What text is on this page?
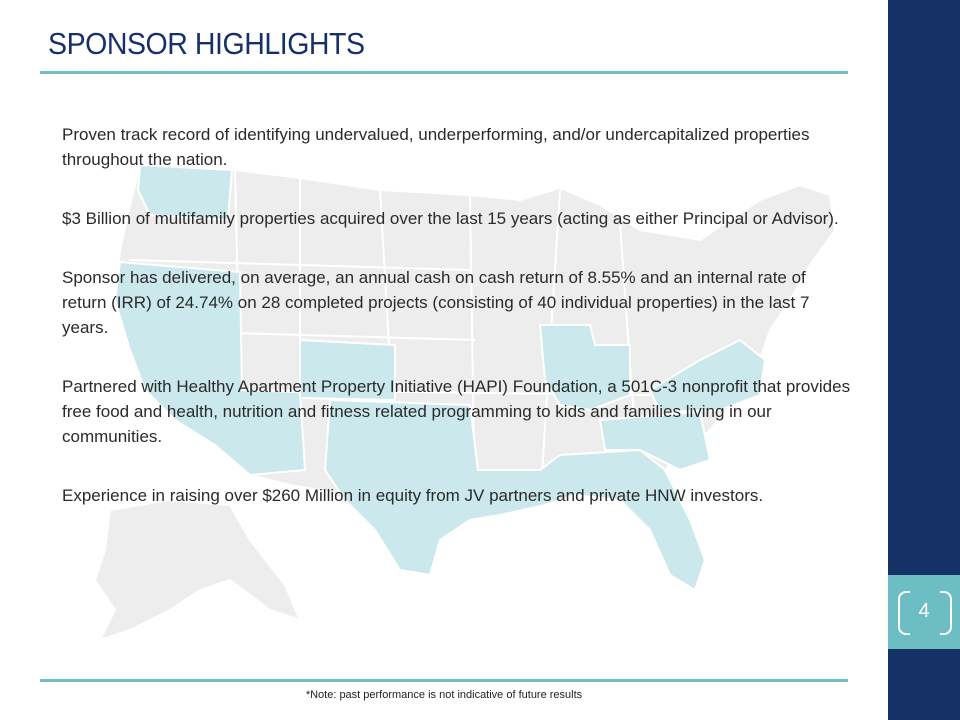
SPONSOR HIGHLIGHTS

Proven track record of identifying undervalued, underperforming, and/or undercapitalized properties throughout the nation.

$3 Billion of multifamily properties acquired over the last 15 years (acting as either Principal or Advisor).

Sponsor has delivered, on average, an annual cash on cash return of 8.55% and an internal rate of return (IRR) of 24.74% on 28 completed projects (consisting of 40 individual properties) in the last 7 years.

Partnered with Healthy Apartment Property Initiative (HAPI) Foundation, a 501C-3 nonprofit that provides free food and health, nutrition and fitness related programming to kids and families living in our communities.

Experience in raising over $260 Million in equity from JV partners and private HNW investors.

*Note: past performance is not indicative of future results
4
